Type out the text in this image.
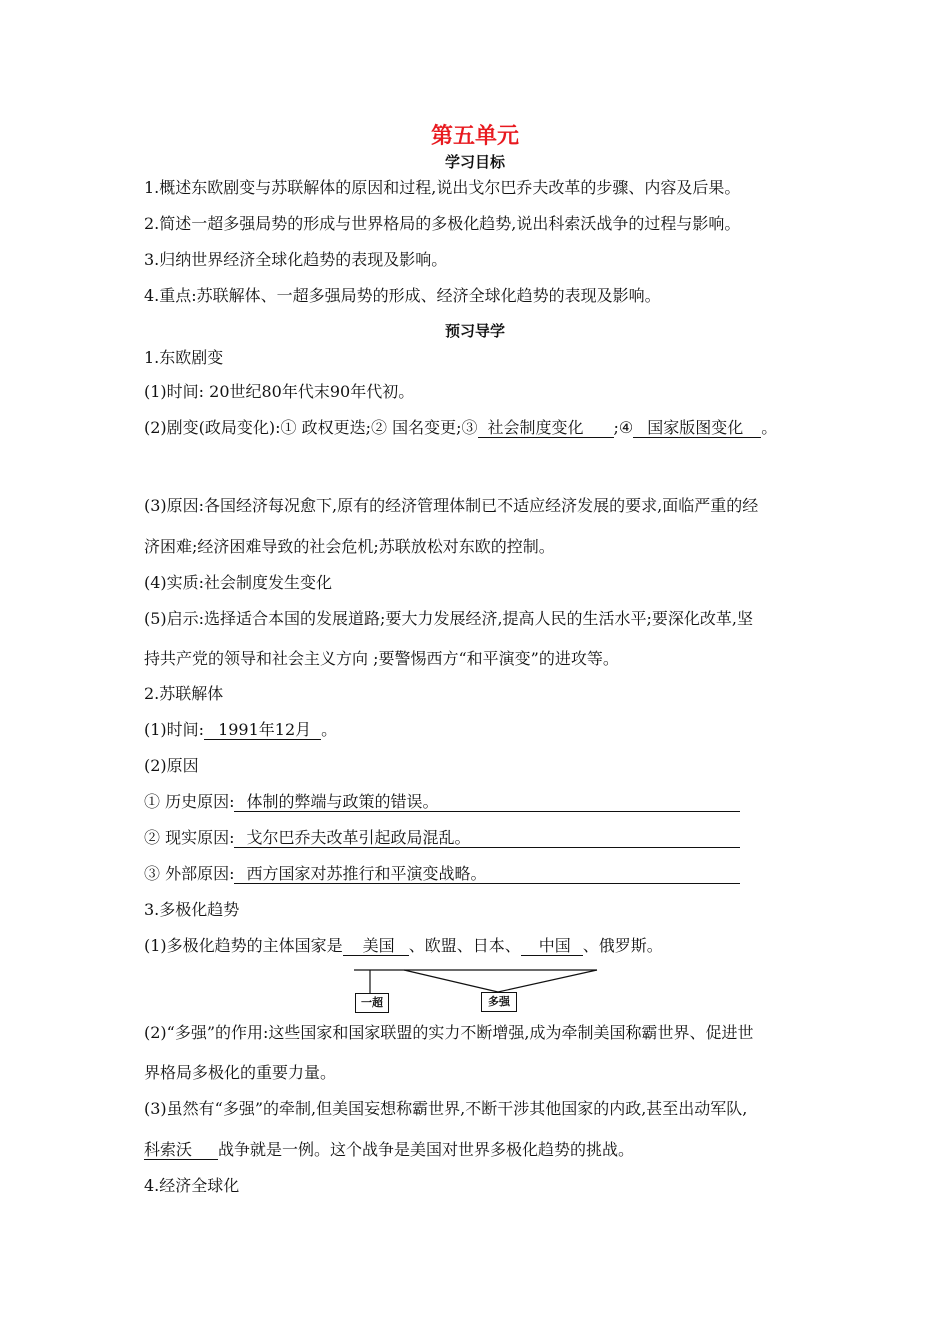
第五单元
学习目标
1.概述东欧剧变与苏联解体的原因和过程,说出戈尔巴乔夫改革的步骤、内容及后果。
2.简述一超多强局势的形成与世界格局的多极化趋势,说出科索沃战争的过程与影响。
3.归纳世界经济全球化趋势的表现及影响。
4.重点:苏联解体、一超多强局势的形成、经济全球化趋势的表现及影响。
预习导学
1.东欧剧变
(1)时间: 20世纪80年代末90年代初。
(2)剧变(政局变化):① 政权更迭;② 国名变更;③ 社会制度变化 ;④ 国家版图变化 。
(3)原因:各国经济每况愈下,原有的经济管理体制已不适应经济发展的要求,面临严重的经
济困难;经济困难导致的社会危机;苏联放松对东欧的控制。
(4)实质:社会制度发生变化
(5)启示:选择适合本国的发展道路;要大力发展经济,提高人民的生活水平;要深化改革,坚
持共产党的领导和社会主义方向 ;要警惕西方“和平演变”的进攻等。
2.苏联解体
(1)时间: 1991年12月 。
(2)原因
① 历史原因: 体制的弊端与政策的错误。
② 现实原因: 戈尔巴乔夫改革引起政局混乱。
③ 外部原因: 西方国家对苏推行和平演变战略。
3.多极化趋势
(1)多极化趋势的主体国家是 美国 、欧盟、日本、 中国 、俄罗斯。
一超	多强
(2)“多强”的作用:这些国家和国家联盟的实力不断增强,成为牵制美国称霸世界、促进世
界格局多极化的重要力量。
(3)虽然有“多强”的牵制,但美国妄想称霸世界,不断干涉其他国家的内政,甚至出动军队,
科索沃 战争就是一例。这个战争是美国对世界多极化趋势的挑战。
4.经济全球化
